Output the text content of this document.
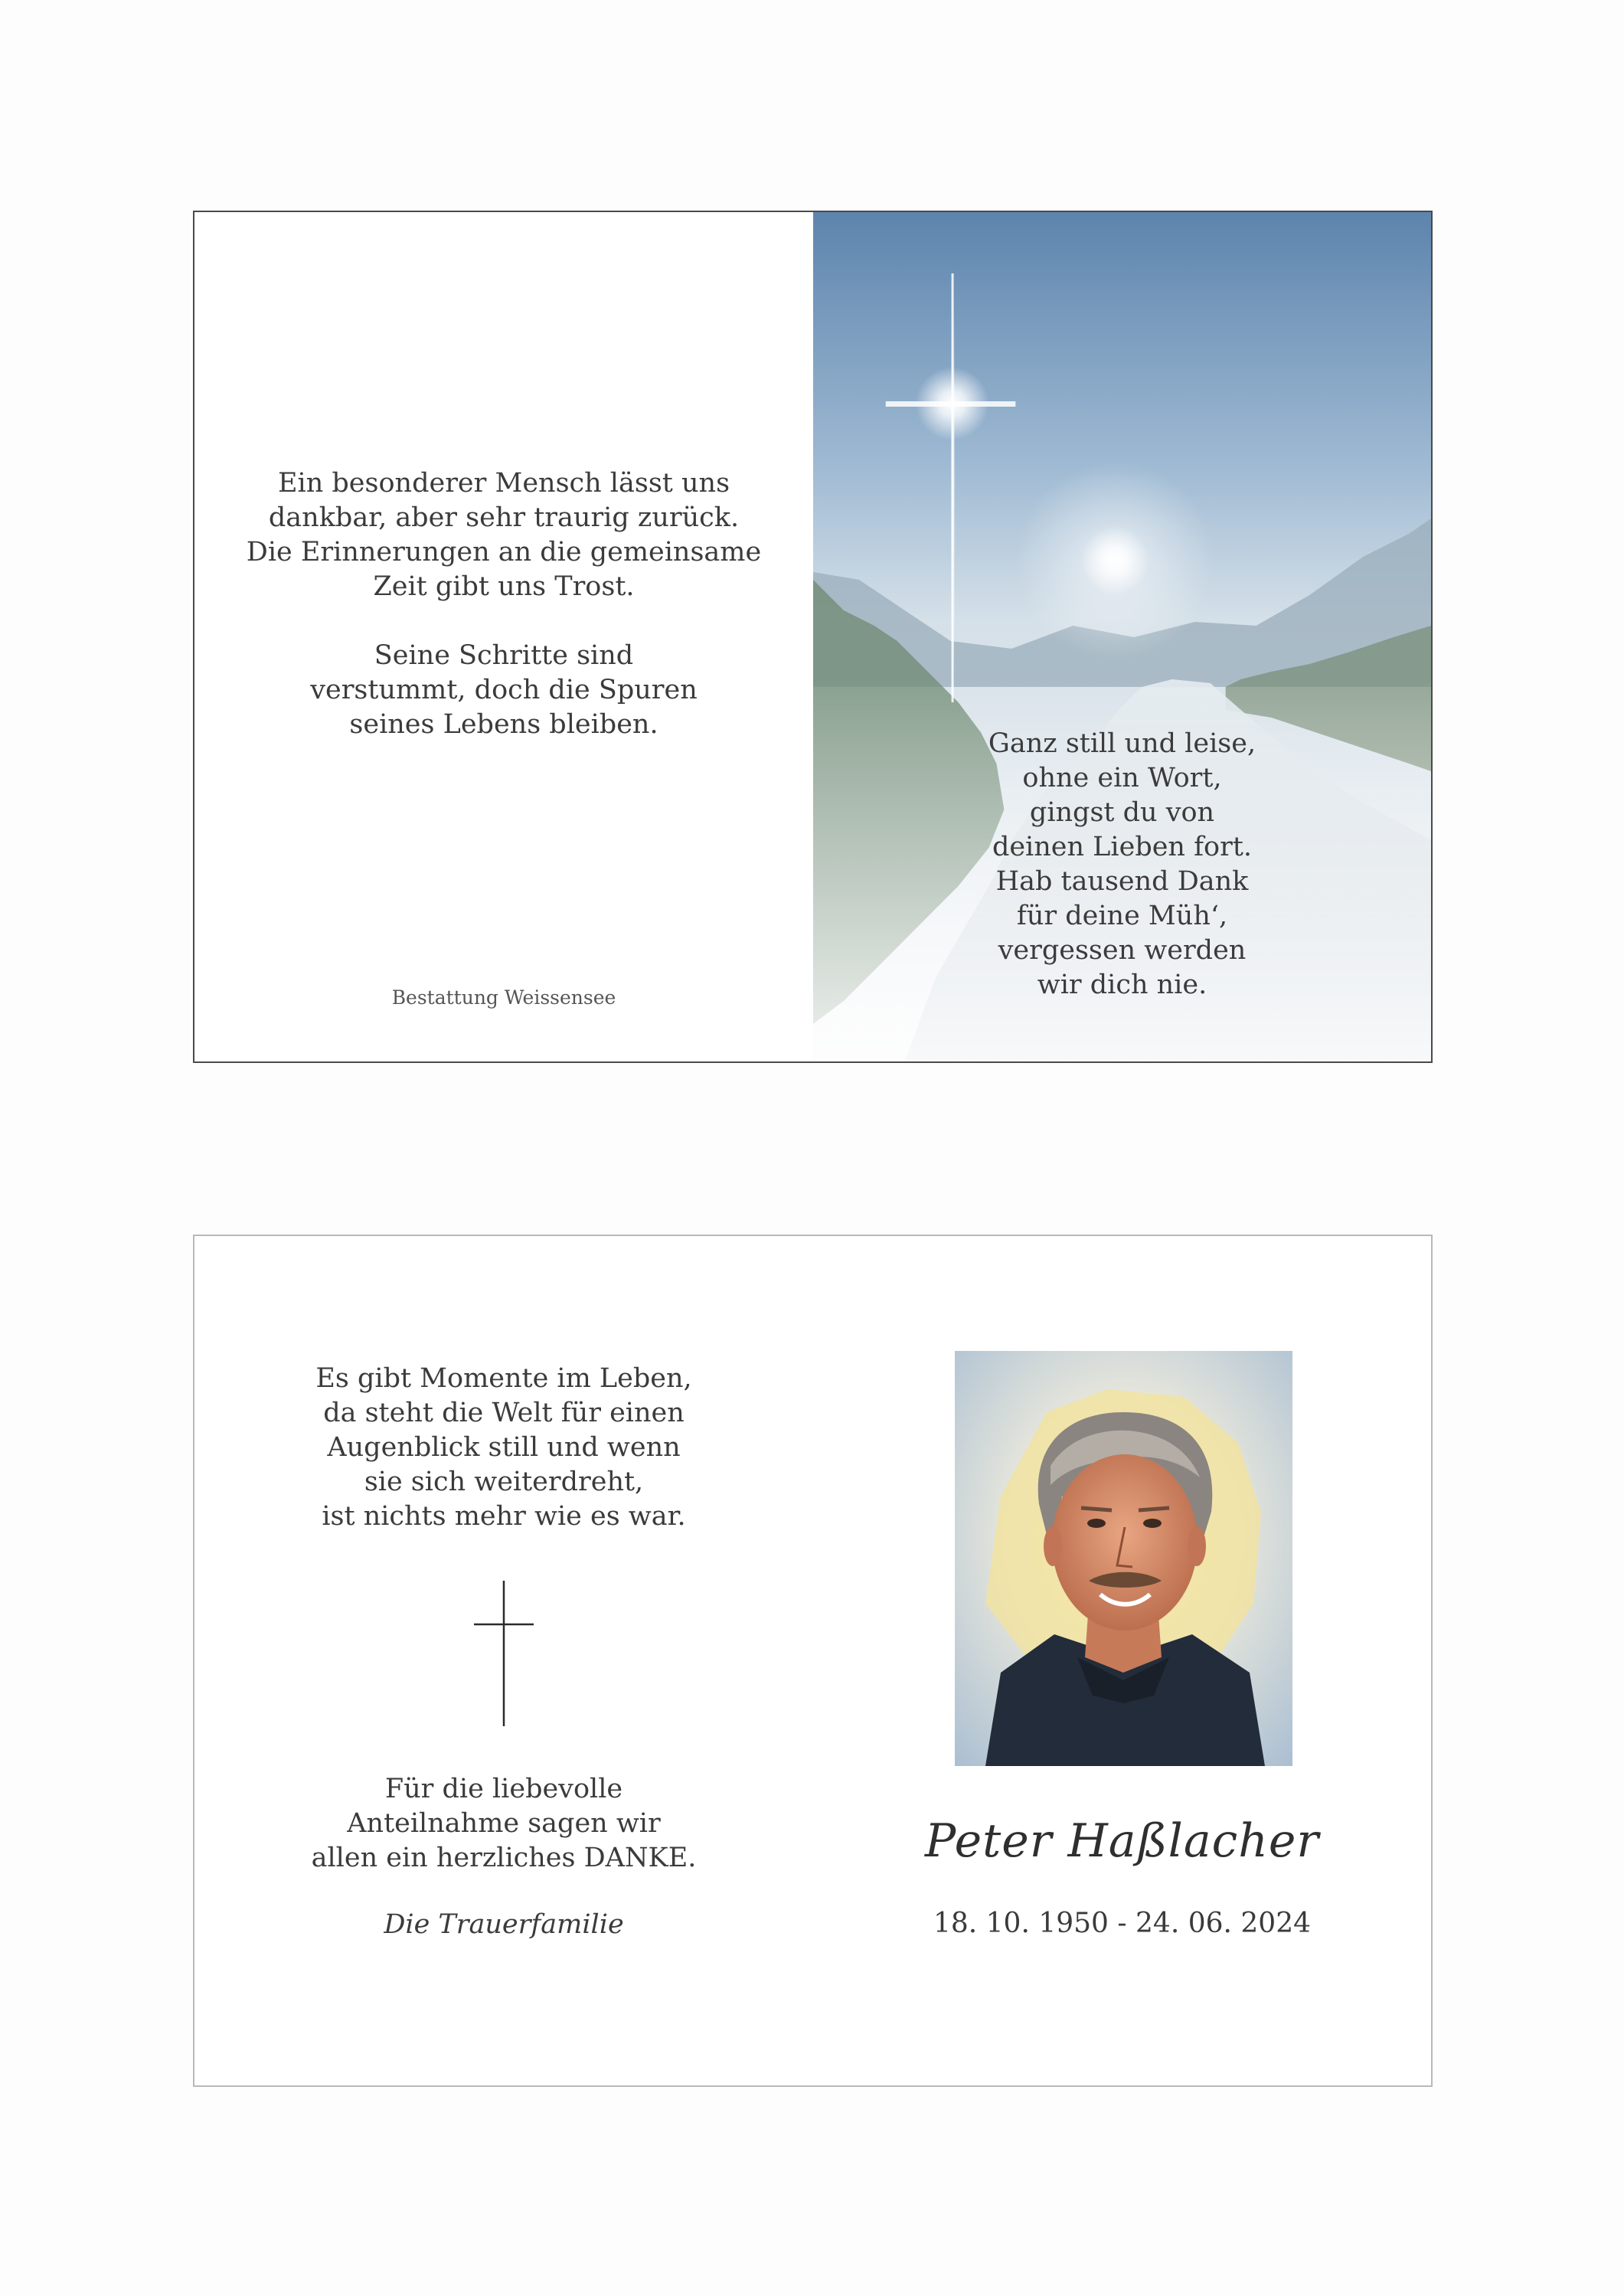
Ein besonderer Mensch lässt uns
dankbar, aber sehr traurig zurück.
Die Erinnerungen an die gemeinsame
Zeit gibt uns Trost.
Seine Schritte sind
verstummt, doch die Spuren
seines Lebens bleiben.
Bestattung Weissensee
Ganz still und leise,
ohne ein Wort,
gingst du von
deinen Lieben fort.
Hab tausend Dank
für deine Müh‘,
vergessen werden
wir dich nie.
Es gibt Momente im Leben,
da steht die Welt für einen
Augenblick still und wenn
sie sich weiterdreht,
ist nichts mehr wie es war.
Für die liebevolle
Anteilnahme sagen wir
allen ein herzliches DANKE.
Die Trauerfamilie
Peter Haßlacher
18. 10. 1950 - 24. 06. 2024
